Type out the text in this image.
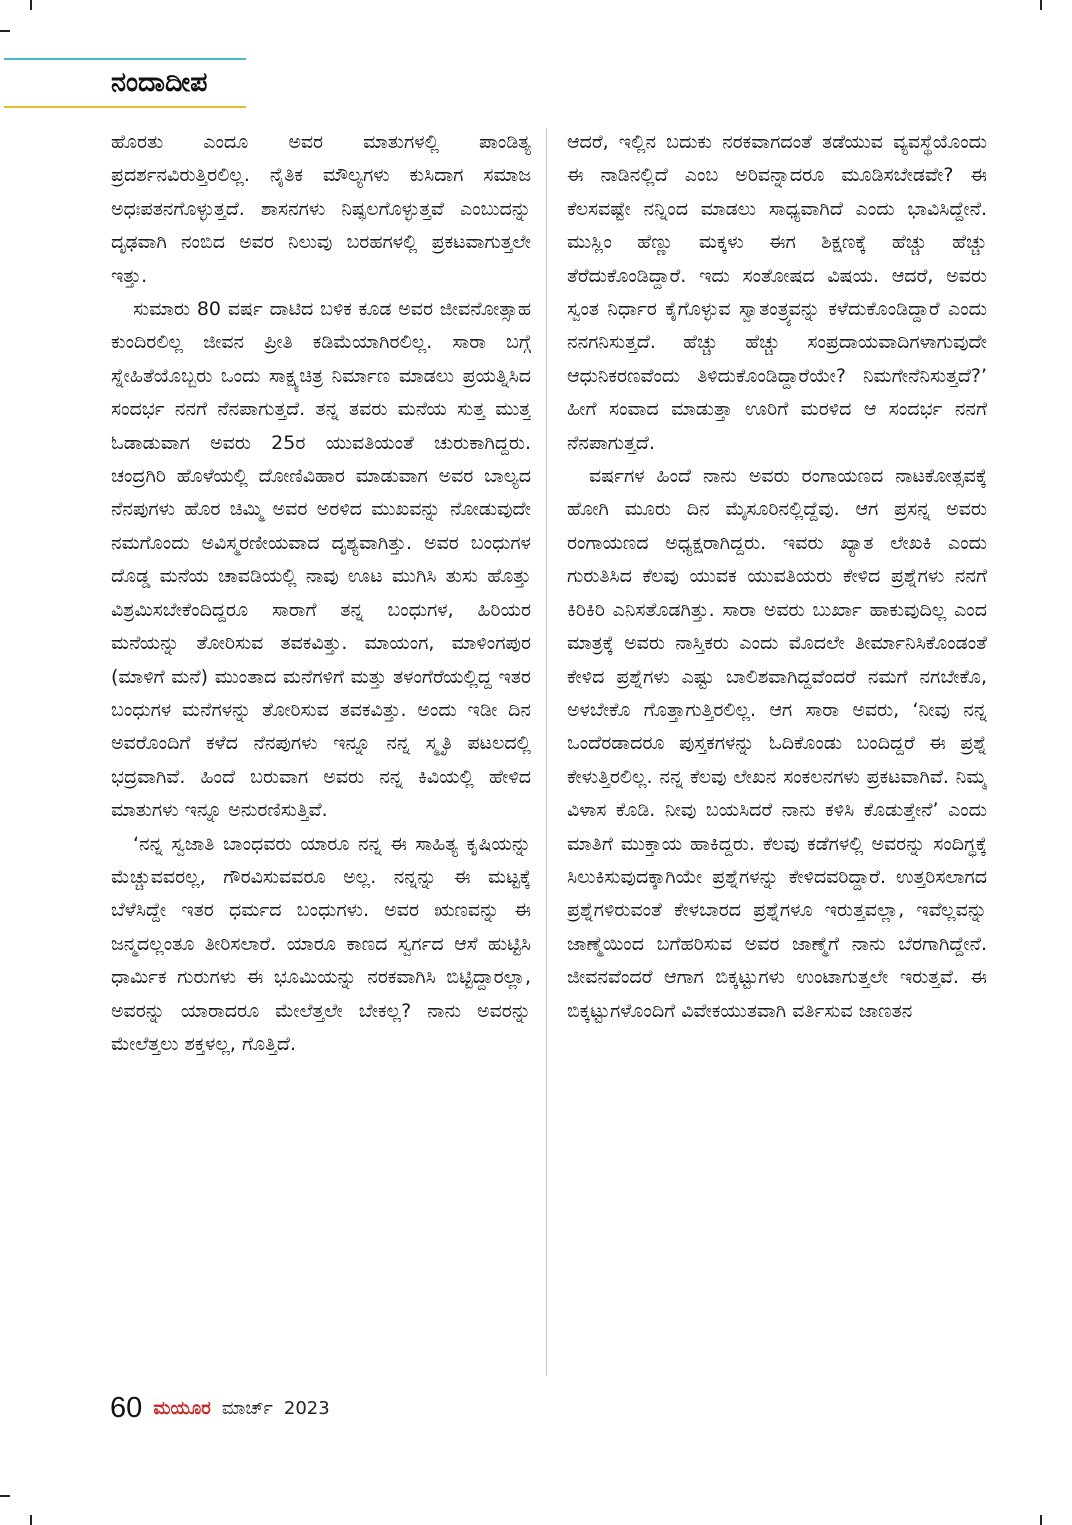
ನಂದಾದೀಪ

ಹೊರತು ಎಂದೂ ಅವರ ಮಾತುಗಳಲ್ಲಿ ಪಾಂಡಿತ್ಯ ಪ್ರದರ್ಶನವಿರುತ್ತಿರಲಿಲ್ಲ. ನೈತಿಕ ಮೌಲ್ಯಗಳು ಕುಸಿದಾಗ ಸಮಾಜ ಅಧಃಪತನಗೊಳ್ಳುತ್ತದೆ. ಶಾಸನಗಳು ನಿಷ್ಫಲಗೊಳ್ಳುತ್ತವೆ ಎಂಬುದನ್ನು ದೃಢವಾಗಿ ನಂಬಿದ ಅವರ ನಿಲುವು ಬರಹಗಳಲ್ಲಿ ಪ್ರಕಟವಾಗುತ್ತಲೇ ಇತ್ತು.

ಸುಮಾರು 80 ವರ್ಷ ದಾಟಿದ ಬಳಿಕ ಕೂಡ ಅವರ ಜೀವನೋತ್ಸಾಹ ಕುಂದಿರಲಿಲ್ಲ ಜೀವನ ಪ್ರೀತಿ ಕಡಿಮೆಯಾಗಿರಲಿಲ್ಲ. ಸಾರಾ ಬಗ್ಗೆ ಸ್ನೇಹಿತೆಯೊಬ್ಬರು ಒಂದು ಸಾಕ್ಷ್ಯಚಿತ್ರ ನಿರ್ಮಾಣ ಮಾಡಲು ಪ್ರಯತ್ನಿಸಿದ ಸಂದರ್ಭ ನನಗೆ ನೆನಪಾಗುತ್ತದೆ. ತನ್ನ ತವರು ಮನೆಯ ಸುತ್ತ ಮುತ್ತ ಓಡಾಡುವಾಗ ಅವರು 25ರ ಯುವತಿಯಂತೆ ಚುರುಕಾಗಿದ್ದರು. ಚಂದ್ರಗಿರಿ ಹೊಳೆಯಲ್ಲಿ ದೋಣಿವಿಹಾರ ಮಾಡುವಾಗ ಅವರ ಬಾಲ್ಯದ ನೆನಪುಗಳು ಹೊರ ಚಿಮ್ಮಿ ಅವರ ಅರಳಿದ ಮುಖವನ್ನು ನೋಡುವುದೇ ನಮಗೊಂದು ಅವಿಸ್ಮರಣೀಯವಾದ ದೃಶ್ಯವಾಗಿತ್ತು. ಅವರ ಬಂಧುಗಳ ದೊಡ್ಡ ಮನೆಯ ಚಾವಡಿಯಲ್ಲಿ ನಾವು ಊಟ ಮುಗಿಸಿ ತುಸು ಹೊತ್ತು ವಿಶ್ರಮಿಸಬೇಕೆಂದಿದ್ದರೂ ಸಾರಾಗೆ ತನ್ನ ಬಂಧುಗಳ, ಹಿರಿಯರ ಮನೆಯನ್ನು ತೋರಿಸುವ ತವಕವಿತ್ತು. ಮಾಯಂಗ, ಮಾಳಿಂಗಪುರ (ಮಾಳಿಗೆ ಮನೆ) ಮುಂತಾದ ಮನೆಗಳಿಗೆ ಮತ್ತು ತಳಂಗೆರೆಯಲ್ಲಿದ್ದ ಇತರ ಬಂಧುಗಳ ಮನೆಗಳನ್ನು ತೋರಿಸುವ ತವಕವಿತ್ತು. ಅಂದು ಇಡೀ ದಿನ ಅವರೊಂದಿಗೆ ಕಳೆದ ನೆನಪುಗಳು ಇನ್ನೂ ನನ್ನ ಸ್ಮೃತಿ ಪಟಲದಲ್ಲಿ ಭದ್ರವಾಗಿವೆ. ಹಿಂದೆ ಬರುವಾಗ ಅವರು ನನ್ನ ಕಿವಿಯಲ್ಲಿ ಹೇಳಿದ ಮಾತುಗಳು ಇನ್ನೂ ಅನುರಣಿಸುತ್ತಿವೆ.

‘ನನ್ನ ಸ್ವಜಾತಿ ಬಾಂಧವರು ಯಾರೂ ನನ್ನ ಈ ಸಾಹಿತ್ಯ ಕೃಷಿಯನ್ನು ಮೆಚ್ಚುವವರಲ್ಲ, ಗೌರವಿಸುವವರೂ ಅಲ್ಲ. ನನ್ನನ್ನು ಈ ಮಟ್ಟಕ್ಕೆ ಬೆಳೆಸಿದ್ದೇ ಇತರ ಧರ್ಮದ ಬಂಧುಗಳು. ಅವರ ಋಣವನ್ನು ಈ ಜನ್ಮದಲ್ಲಂತೂ ತೀರಿಸಲಾರೆ. ಯಾರೂ ಕಾಣದ ಸ್ವರ್ಗದ ಆಸೆ ಹುಟ್ಟಿಸಿ ಧಾರ್ಮಿಕ ಗುರುಗಳು ಈ ಭೂಮಿಯನ್ನು ನರಕವಾಗಿಸಿ ಬಿಟ್ಟಿದ್ದಾರಲ್ಲಾ, ಅವರನ್ನು ಯಾರಾದರೂ ಮೇಲೆತ್ತಲೇ ಬೇಕಲ್ಲ? ನಾನು ಅವರನ್ನು ಮೇಲೆತ್ತಲು ಶಕ್ತಳಲ್ಲ, ಗೊತ್ತಿದೆ.

ಆದರೆ, ಇಲ್ಲಿನ ಬದುಕು ನರಕವಾಗದಂತೆ ತಡೆಯುವ ವ್ಯವಸ್ಥೆಯೊಂದು ಈ ನಾಡಿನಲ್ಲಿದೆ ಎಂಬ ಅರಿವನ್ನಾದರೂ ಮೂಡಿಸಬೇಡವೇ? ಈ ಕೆಲಸವಷ್ಟೇ ನನ್ನಿಂದ ಮಾಡಲು ಸಾಧ್ಯವಾಗಿದೆ ಎಂದು ಭಾವಿಸಿದ್ದೇನೆ. ಮುಸ್ಲಿಂ ಹೆಣ್ಣು ಮಕ್ಕಳು ಈಗ ಶಿಕ್ಷಣಕ್ಕೆ ಹೆಚ್ಚು ಹೆಚ್ಚು ತೆರೆದುಕೊಂಡಿದ್ದಾರೆ. ಇದು ಸಂತೋಷದ ವಿಷಯ. ಆದರೆ, ಅವರು ಸ್ವಂತ ನಿರ್ಧಾರ ಕೈಗೊಳ್ಳುವ ಸ್ವಾತಂತ್ರ್ಯವನ್ನು ಕಳೆದುಕೊಂಡಿದ್ದಾರೆ ಎಂದು ನನಗನಿಸುತ್ತದೆ. ಹೆಚ್ಚು ಹೆಚ್ಚು ಸಂಪ್ರದಾಯವಾದಿಗಳಾಗುವುದೇ ಆಧುನಿಕರಣವೆಂದು ತಿಳಿದುಕೊಂಡಿದ್ದಾರೆಯೇ? ನಿಮಗೇನೆನಿಸುತ್ತದೆ?’ ಹೀಗೆ ಸಂವಾದ ಮಾಡುತ್ತಾ ಊರಿಗೆ ಮರಳಿದ ಆ ಸಂದರ್ಭ ನನಗೆ ನೆನಪಾಗುತ್ತದೆ.

ವರ್ಷಗಳ ಹಿಂದೆ ನಾನು ಅವರು ರಂಗಾಯಣದ ನಾಟಕೋತ್ಸವಕ್ಕೆ ಹೋಗಿ ಮೂರು ದಿನ ಮೈಸೂರಿನಲ್ಲಿದ್ದೆವು. ಆಗ ಪ್ರಸನ್ನ ಅವರು ರಂಗಾಯಣದ ಅಧ್ಯಕ್ಷರಾಗಿದ್ದರು. ಇವರು ಖ್ಯಾತ ಲೇಖಕಿ ಎಂದು ಗುರುತಿಸಿದ ಕೆಲವು ಯುವಕ ಯುವತಿಯರು ಕೇಳಿದ ಪ್ರಶ್ನೆಗಳು ನನಗೆ ಕಿರಿಕಿರಿ ಎನಿಸತೊಡಗಿತ್ತು. ಸಾರಾ ಅವರು ಬುರ್ಖಾ ಹಾಕುವುದಿಲ್ಲ ಎಂದ ಮಾತ್ರಕ್ಕೆ ಅವರು ನಾಸ್ತಿಕರು ಎಂದು ಮೊದಲೇ ತೀರ್ಮಾನಿಸಿಕೊಂಡಂತೆ ಕೇಳಿದ ಪ್ರಶ್ನೆಗಳು ಎಷ್ಟು ಬಾಲಿಶವಾಗಿದ್ದವೆಂದರೆ ನಮಗೆ ನಗಬೇಕೊ, ಅಳಬೇಕೊ ಗೊತ್ತಾಗುತ್ತಿರಲಿಲ್ಲ. ಆಗ ಸಾರಾ ಅವರು, ‘ನೀವು ನನ್ನ ಒಂದೆರಡಾದರೂ ಪುಸ್ತಕಗಳನ್ನು ಓದಿಕೊಂಡು ಬಂದಿದ್ದರೆ ಈ ಪ್ರಶ್ನೆ ಕೇಳುತ್ತಿರಲಿಲ್ಲ. ನನ್ನ ಕೆಲವು ಲೇಖನ ಸಂಕಲನಗಳು ಪ್ರಕಟವಾಗಿವೆ. ನಿಮ್ಮ ವಿಳಾಸ ಕೊಡಿ. ನೀವು ಬಯಸಿದರೆ ನಾನು ಕಳಿಸಿ ಕೊಡುತ್ತೇನೆ’ ಎಂದು ಮಾತಿಗೆ ಮುಕ್ತಾಯ ಹಾಕಿದ್ದರು. ಕೆಲವು ಕಡೆಗಳಲ್ಲಿ ಅವರನ್ನು ಸಂದಿಗ್ಧಕ್ಕೆ ಸಿಲುಕಿಸುವುದಕ್ಕಾಗಿಯೇ ಪ್ರಶ್ನೆಗಳನ್ನು ಕೇಳಿದವರಿದ್ದಾರೆ. ಉತ್ತರಿಸಲಾಗದ ಪ್ರಶ್ನೆಗಳಿರುವಂತೆ ಕೇಳಬಾರದ ಪ್ರಶ್ನೆಗಳೂ ಇರುತ್ತವಲ್ಲಾ, ಇವೆಲ್ಲವನ್ನು ಜಾಣ್ಮೆಯಿಂದ ಬಗೆಹರಿಸುವ ಅವರ ಜಾಣ್ಮೆಗೆ ನಾನು ಬೆರಗಾಗಿದ್ದೇನೆ. ಜೀವನವೆಂದರೆ ಆಗಾಗ ಬಿಕ್ಕಟ್ಟುಗಳು ಉಂಟಾಗುತ್ತಲೇ ಇರುತ್ತವೆ. ಈ ಬಿಕ್ಕಟ್ಟುಗಳೊಂದಿಗೆ ವಿವೇಕಯುತವಾಗಿ ವರ್ತಿಸುವ ಜಾಣತನ

60 ಮಯೂರ ಮಾರ್ಚ್ 2023
